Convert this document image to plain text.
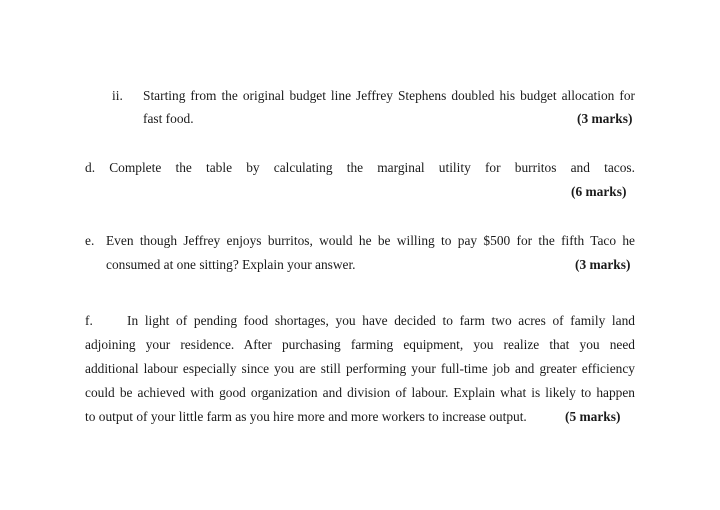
ii. Starting from the original budget line Jeffrey Stephens doubled his budget allocation for
fast food.	(3 marks)
d. Complete the table by calculating the marginal utility for burritos and tacos.
(6 marks)
e. Even though Jeffrey enjoys burritos, would he be willing to pay $500 for the fifth Taco he
consumed at one sitting? Explain your answer.	(3 marks)
f.	In light of pending food shortages, you have decided to farm two acres of family land
adjoining your residence. After purchasing farming equipment, you realize that you need
additional labour especially since you are still performing your full-time job and greater efficiency
could be achieved with good organization and division of labour. Explain what is likely to happen
to output of your little farm as you hire more and more workers to increase output.	(5 marks)
